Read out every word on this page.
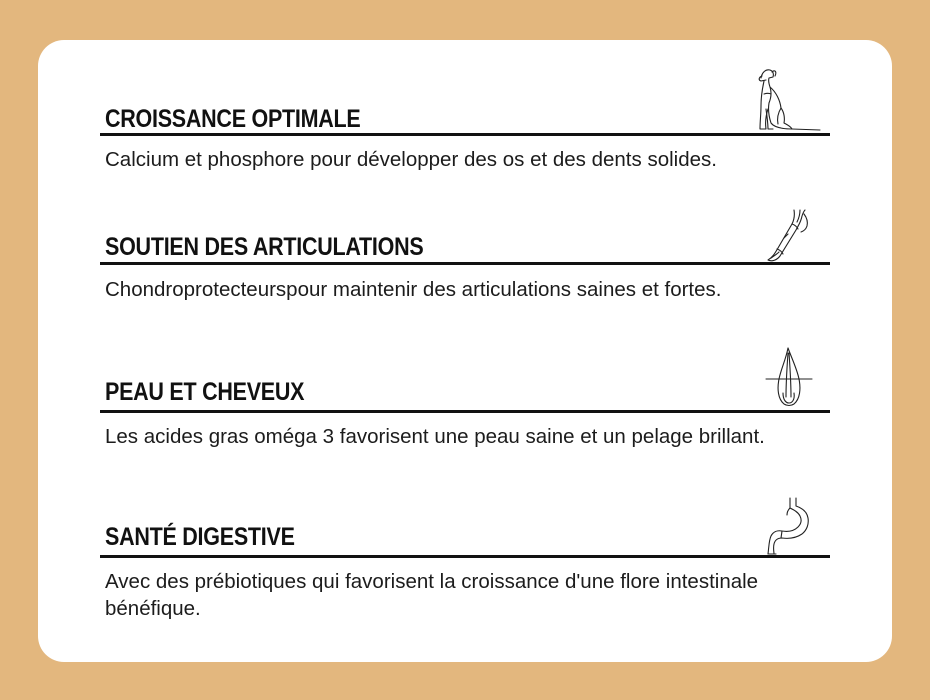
CROISSANCE OPTIMALE
Calcium et phosphore pour développer des os et des dents solides.
SOUTIEN DES ARTICULATIONS
Chondroprotecteurspour maintenir des articulations saines et fortes.
PEAU ET CHEVEUX
Les acides gras oméga 3 favorisent une peau saine et un pelage brillant.
SANTÉ DIGESTIVE
Avec des prébiotiques qui favorisent la croissance d'une flore intestinale bénéfique.
